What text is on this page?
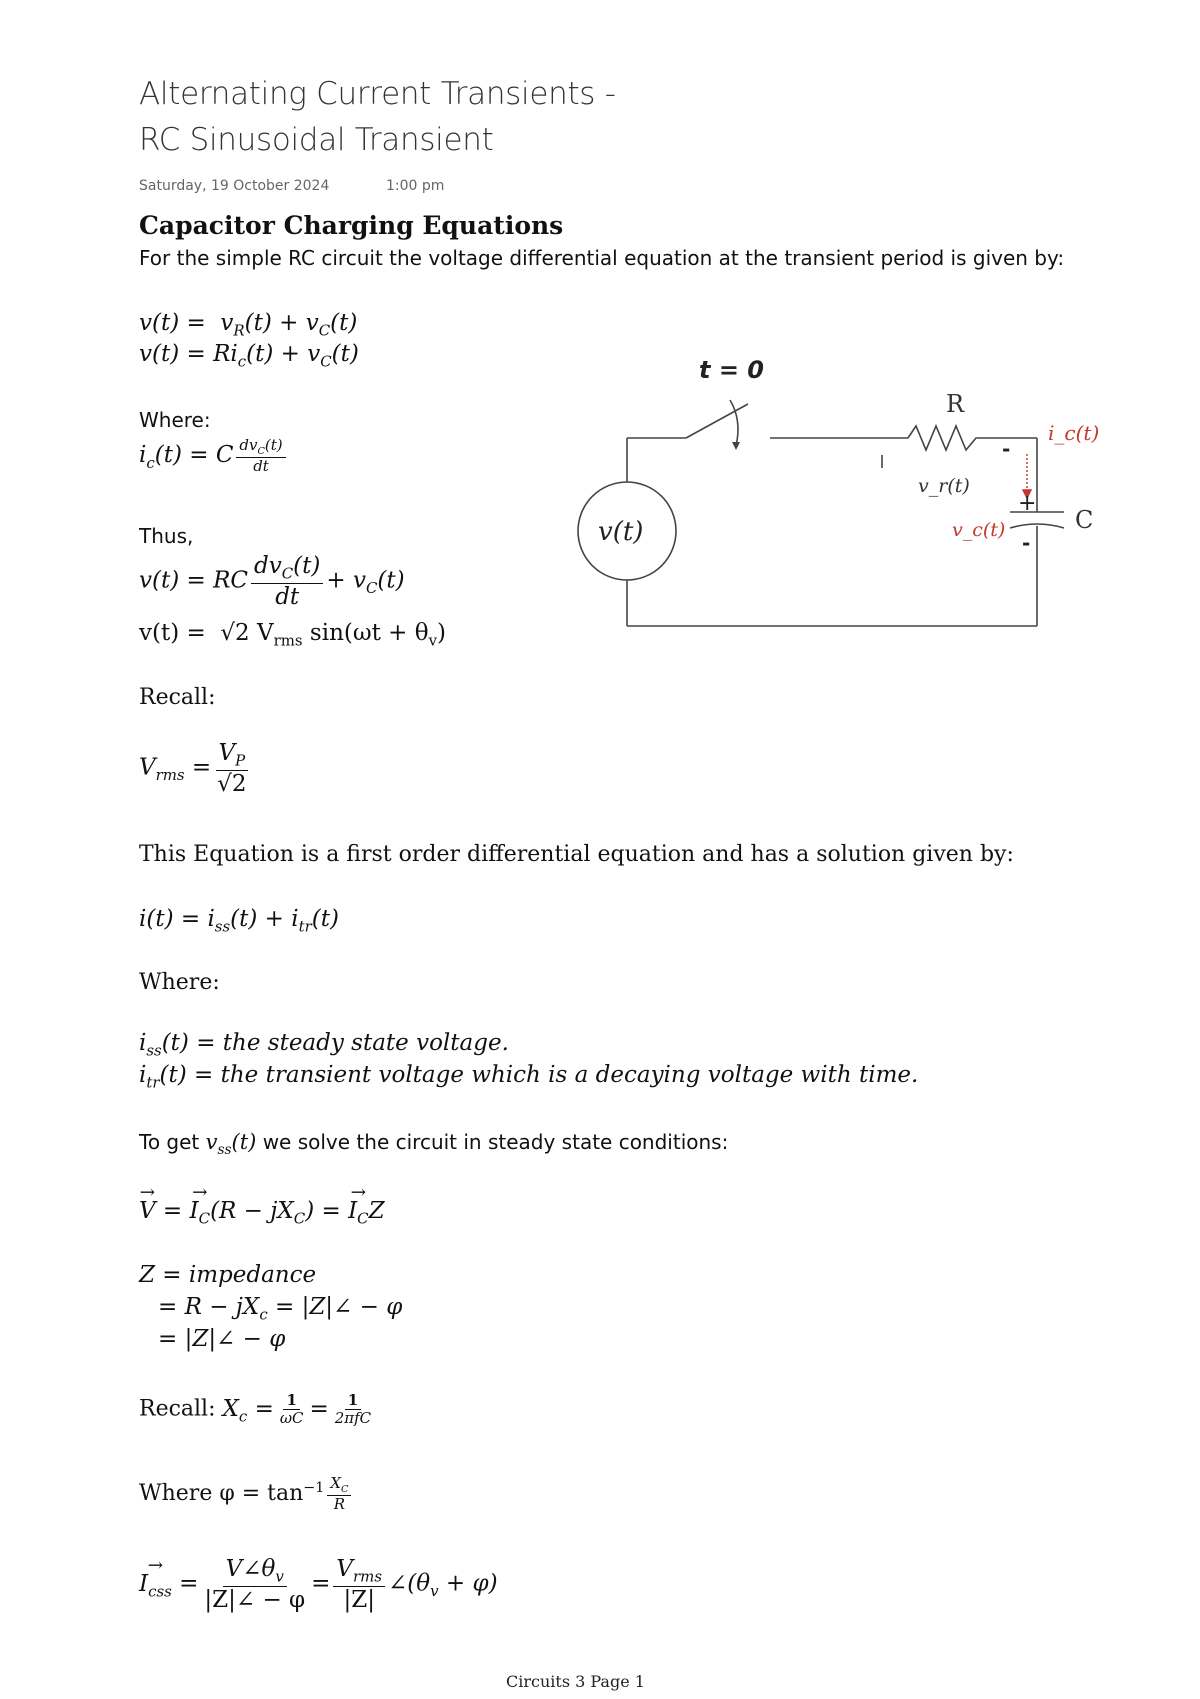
Alternating Current Transients -
RC Sinusoidal Transient
Saturday, 19 October 2024	1:00 pm
Capacitor Charging Equations
For the simple RC circuit the voltage differential equation at the transient period is given by:
$v(t) = v_R(t) + v_C(t)$
$v(t) = Ri_c(t) + v_C(t)$
Where:
$i_c(t) = C \frac{dv_C(t)}{dt}$
Thus,
v(t) = RC $\frac{dv_C(t)}{dt} + v_C(t)$
v(t) =  √2 $V_{rms}$ $\sin(\omega t + \theta_v)$
Recall:
$V_{rms} = \frac{V_P}{√2}$
This Equation is a first order differential equation and has a solution given by:
$i(t) = i_{ss}(t) + i_{tr}(t)$
Where:
$i_{ss}(t)$ = the steady state voltage.
$i_{tr}(t)$ = the transient voltage which is a decaying voltage with time.
To get $v_{ss}(t)$ we solve the circuit in steady state conditions:
→ V = → $I_C(R - jX_C)$ = → $I_CZ$
Z = impedance
= $R - jX_c$ = |Z|∠ − φ
= |Z|∠ − φ
Recall: $X_c = \frac{1}{\omega C} = \frac{1}{\text{2πfC}}$
Where $\varphi = \tan^{-1} \frac{X_C}{R}$
→ $I_{css} = \frac{V\angle\theta_v}{|Z|\angle - \varphi} = \frac{V_{rms}}{|Z|}$ $\angle(\theta_v + \varphi)$
t = 0
R
C
v(t)
v_r(t)
v_c(t)
i_c(t)
+
-
-
Circuits 3 Page 1
